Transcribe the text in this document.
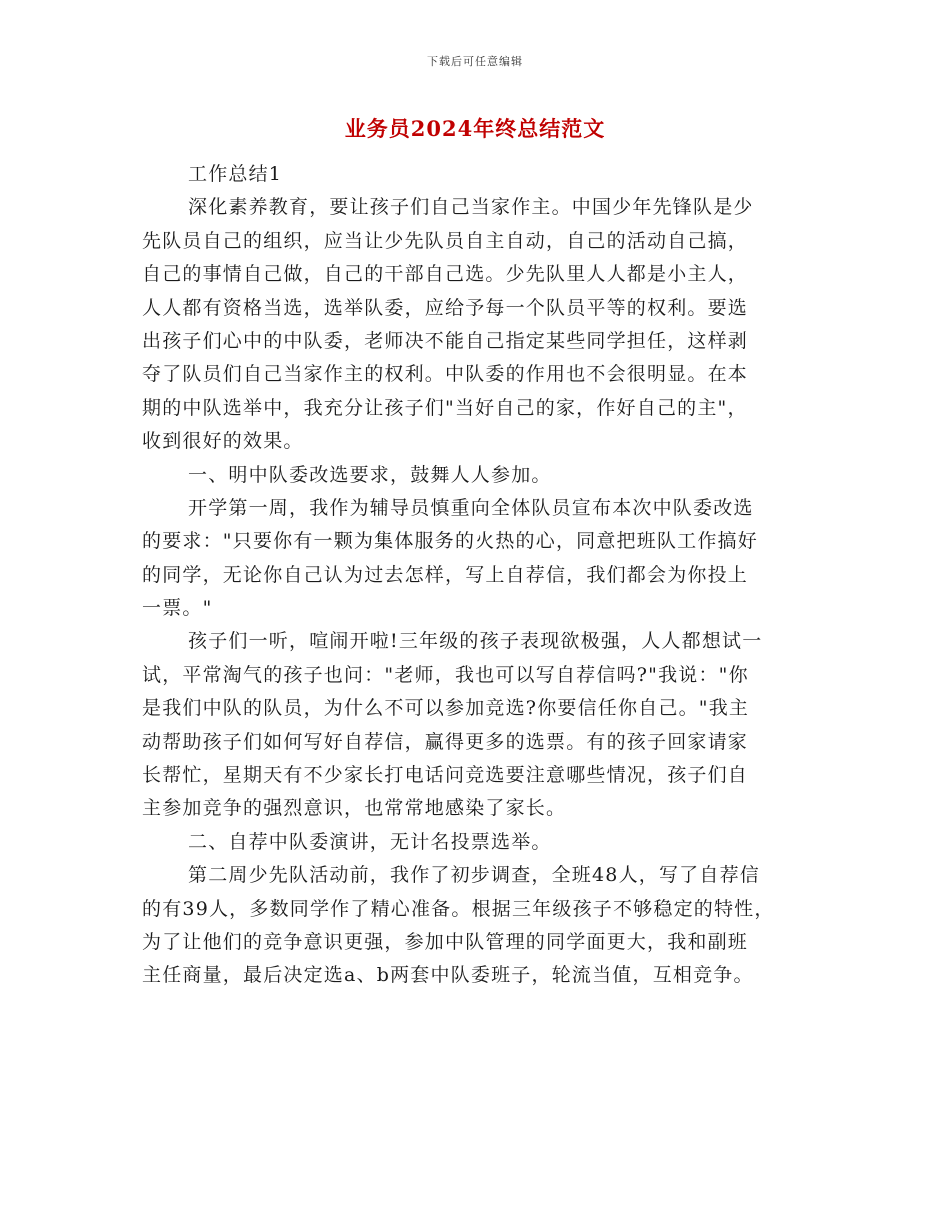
下载后可任意编辑
业务员2024年终总结范文
工作总结1
深化素养教育，要让孩子们自己当家作主。中国少年先锋队是少
先队员自己的组织，应当让少先队员自主自动，自己的活动自己搞，
自己的事情自己做，自己的干部自己选。少先队里人人都是小主人，
人人都有资格当选，选举队委，应给予每一个队员平等的权利。要选
出孩子们心中的中队委，老师决不能自己指定某些同学担任，这样剥
夺了队员们自己当家作主的权利。中队委的作用也不会很明显。在本
期的中队选举中，我充分让孩子们"当好自己的家，作好自己的主"，
收到很好的效果。
一、明中队委改选要求，鼓舞人人参加。
开学第一周，我作为辅导员慎重向全体队员宣布本次中队委改选
的要求："只要你有一颗为集体服务的火热的心，同意把班队工作搞好
的同学，无论你自己认为过去怎样，写上自荐信，我们都会为你投上
一票。"
孩子们一听，喧闹开啦!三年级的孩子表现欲极强，人人都想试一
试，平常淘气的孩子也问："老师，我也可以写自荐信吗?"我说："你
是我们中队的队员，为什么不可以参加竞选?你要信任你自己。"我主
动帮助孩子们如何写好自荐信，赢得更多的选票。有的孩子回家请家
长帮忙，星期天有不少家长打电话问竞选要注意哪些情况，孩子们自
主参加竞争的强烈意识，也常常地感染了家长。
二、自荐中队委演讲，无计名投票选举。
第二周少先队活动前，我作了初步调查，全班48人，写了自荐信
的有39人，多数同学作了精心准备。根据三年级孩子不够稳定的特性，
为了让他们的竞争意识更强，参加中队管理的同学面更大，我和副班
主任商量，最后决定选a、b两套中队委班子，轮流当值，互相竞争。
